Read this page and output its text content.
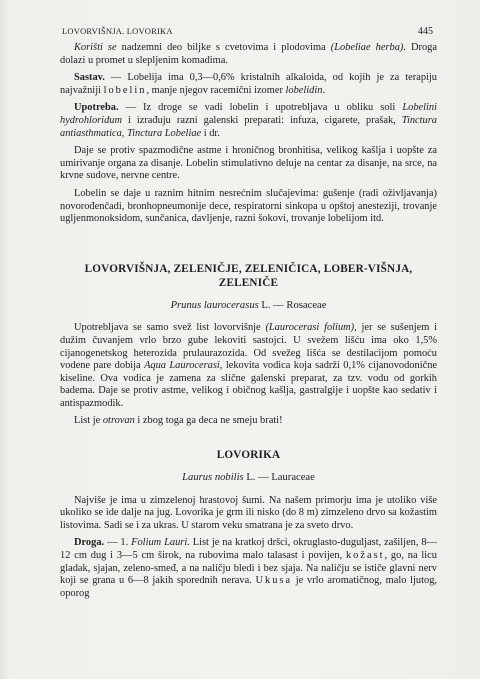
LOVORVIŠNJA. LOVORIKA	445

Korišti se nadzemni deo biljke s cvetovima i plodovima (Lobeliae herba). Droga dolazi u promet u slepljenim komadima.

Sastav. — Lobelija ima 0,3—0,6% kristalnih alkaloida, od kojih je za terapiju najvažniji lobelin, manje njegov racemični izomer lobelidin.

Upotreba. — Iz droge se vadi lobelin i upotrebljava u obliku soli Lobelini hydrohloridum i izrađuju razni galenski preparati: infuza, cigarete, prašak, Tinctura antiasthmatica, Tinctura Lobeliae i dr.

Daje se protiv spazmodične astme i hroničnog bronhitisa, velikog kašlja i uopšte za umirivanje organa za disanje. Lobelin stimulativno deluje na centar za disanje, na srce, na krvne sudove, nervne centre.

Lobelin se daje u raznim hitnim nesrećnim slučajevima: gušenje (radi oživljavanja) novorođenčadi, bronhopneumonije dece, respiratorni sinkopa u opštoj anesteziji, trovanje ugljenmonoksidom, sunčanica, davljenje, razni šokovi, trovanje lobelijom itd.

LOVORVIŠNJA, ZELENIČJE, ZELENIČICA, LOBER-VIŠNJA,
ZELENIČE
Prunus laurocerasus L. — Rosaceae

Upotrebljava se samo svež list lovorvišnje (Laurocerasi folium), jer se sušenjem i dužim čuvanjem vrlo brzo gube lekoviti sastojci. U svežem lišću ima oko 1,5% cijanogenetskog heterozida prulaurazozida. Od svežeg lišća se destilacijom pomoću vodene pare dobija Aqua Laurocerasi, lekovita vodica koja sadrži 0,1% cijanovodonične kiseline. Ova vodica je zamena za slične galenski preparat, za tzv. vodu od gorkih badema. Daje se protiv astme, velikog i običnog kašlja, gastralgije i uopšte kao sedativ i antispazmodik.

List je otrovan i zbog toga ga deca ne smeju brati!

LOVORIKA
Laurus nobilis L. — Lauraceae

Najviše je ima u zimzelenoj hrastovoj šumi. Na našem primorju ima je utoliko više ukoliko se ide dalje na jug. Lovorika je grm ili nisko (do 8 m) zimzeleno drvo sa kožastim listovima. Sadi se i za ukras. U starom veku smatrana je za sveto drvo.

Droga. — 1. Folium Lauri. List je na kratkoj dršci, okruglasto-duguljast, zašiljen, 8—12 cm dug i 3—5 cm širok, na rubovima malo talasast i povijen, kožast, go, na licu gladak, sjajan, zeleno-smeđ, a na naličju bledi i bez sjaja. Na naličju se ističe glavni nerv koji se grana u 6—8 jakih sporednih nerava. Ukusa je vrlo aromatičnog, malo ljutog, oporog
